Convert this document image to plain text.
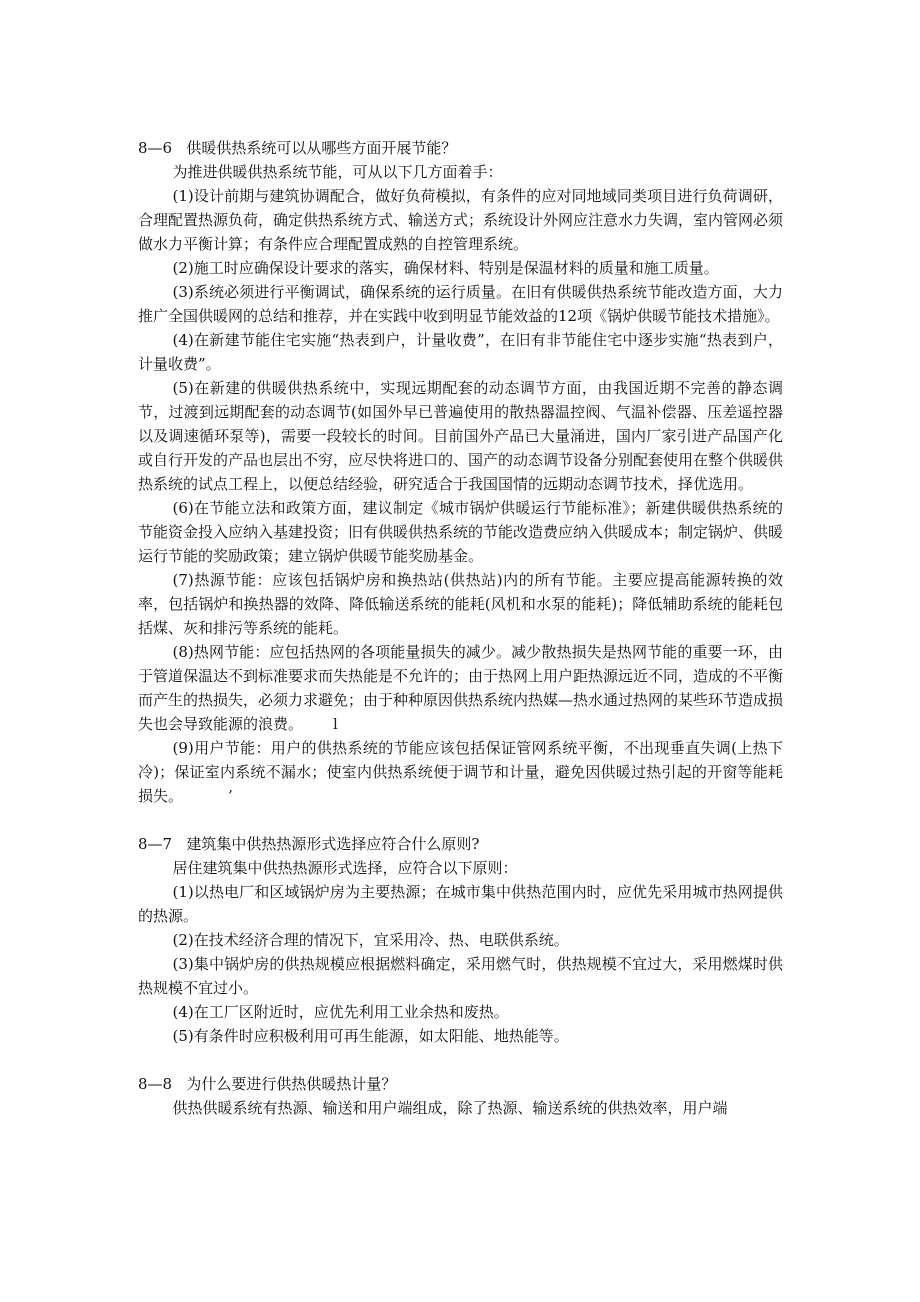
8—6   供暖供热系统可以从哪些方面开展节能？

为推进供暖供热系统节能，可从以下几方面着手：

(1)设计前期与建筑协调配合，做好负荷模拟，有条件的应对同地域同类项目进行负荷调研，合理配置热源负荷，确定供热系统方式、输送方式；系统设计外网应注意水力失调，室内管网必须做水力平衡计算；有条件应合理配置成熟的自控管理系统。

(2)施工时应确保设计要求的落实，确保材料、特别是保温材料的质量和施工质量。

(3)系统必须进行平衡调试，确保系统的运行质量。在旧有供暖供热系统节能改造方面，大力推广全国供暖网的总结和推荐，并在实践中收到明显节能效益的12项《锅炉供暖节能技术措施》。

(4)在新建节能住宅实施“热表到户，计量收费”，在旧有非节能住宅中逐步实施“热表到户，计量收费”。

(5)在新建的供暖供热系统中，实现远期配套的动态调节方面，由我国近期不完善的静态调节，过渡到远期配套的动态调节(如国外早已普遍使用的散热器温控阀、气温补偿器、压差遥控器以及调速循环泵等)，需要一段较长的时间。目前国外产品已大量涌进，国内厂家引进产品国产化或自行开发的产品也层出不穷，应尽快将进口的、国产的动态调节设备分别配套使用在整个供暖供热系统的试点工程上，以便总结经验，研究适合于我国国情的远期动态调节技术，择优选用。

(6)在节能立法和政策方面，建议制定《城市锅炉供暖运行节能标准》；新建供暖供热系统的节能资金投入应纳入基建投资；旧有供暖供热系统的节能改造费应纳入供暖成本；制定锅炉、供暖运行节能的奖励政策；建立锅炉供暖节能奖励基金。

(7)热源节能：应该包括锅炉房和换热站(供热站)内的所有节能。主要应提高能源转换的效率，包括锅炉和换热器的效降、降低输送系统的能耗(风机和水泵的能耗)；降低辅助系统的能耗包括煤、灰和排污等系统的能耗。

(8)热网节能：应包括热网的各项能量损失的减少。减少散热损失是热网节能的重要一环，由于管道保温达不到标准要求而失热能是不允许的；由于热网上用户距热源远近不同，造成的不平衡而产生的热损失，必须力求避免；由于种种原因供热系统内热媒—热水通过热网的某些环节造成损失也会导致能源的浪费。   l

(9)用户节能：用户的供热系统的节能应该包括保证管网系统平衡，不出现垂直失调(上热下冷)；保证室内系统不漏水；使室内供热系统便于调节和计量，避免因供暖过热引起的开窗等能耗损失。   	’

8—7   建筑集中供热热源形式选择应符合什么原则?

居住建筑集中供热热源形式选择，应符合以下原则：

(1)以热电厂和区域锅炉房为主要热源；在城市集中供热范围内时，应优先采用城市热网提供的热源。

(2)在技术经济合理的情况下，宜采用冷、热、电联供系统。

(3)集中锅炉房的供热规模应根据燃料确定，采用燃气时，供热规模不宜过大，采用燃煤时供热规模不宜过小。

(4)在工厂区附近时，应优先利用工业余热和废热。

(5)有条件时应积极利用可再生能源，如太阳能、地热能等。

8—8   为什么要进行供热供暖热计量？

供热供暖系统有热源、输送和用户端组成，除了热源、输送系统的供热效率，用户端
